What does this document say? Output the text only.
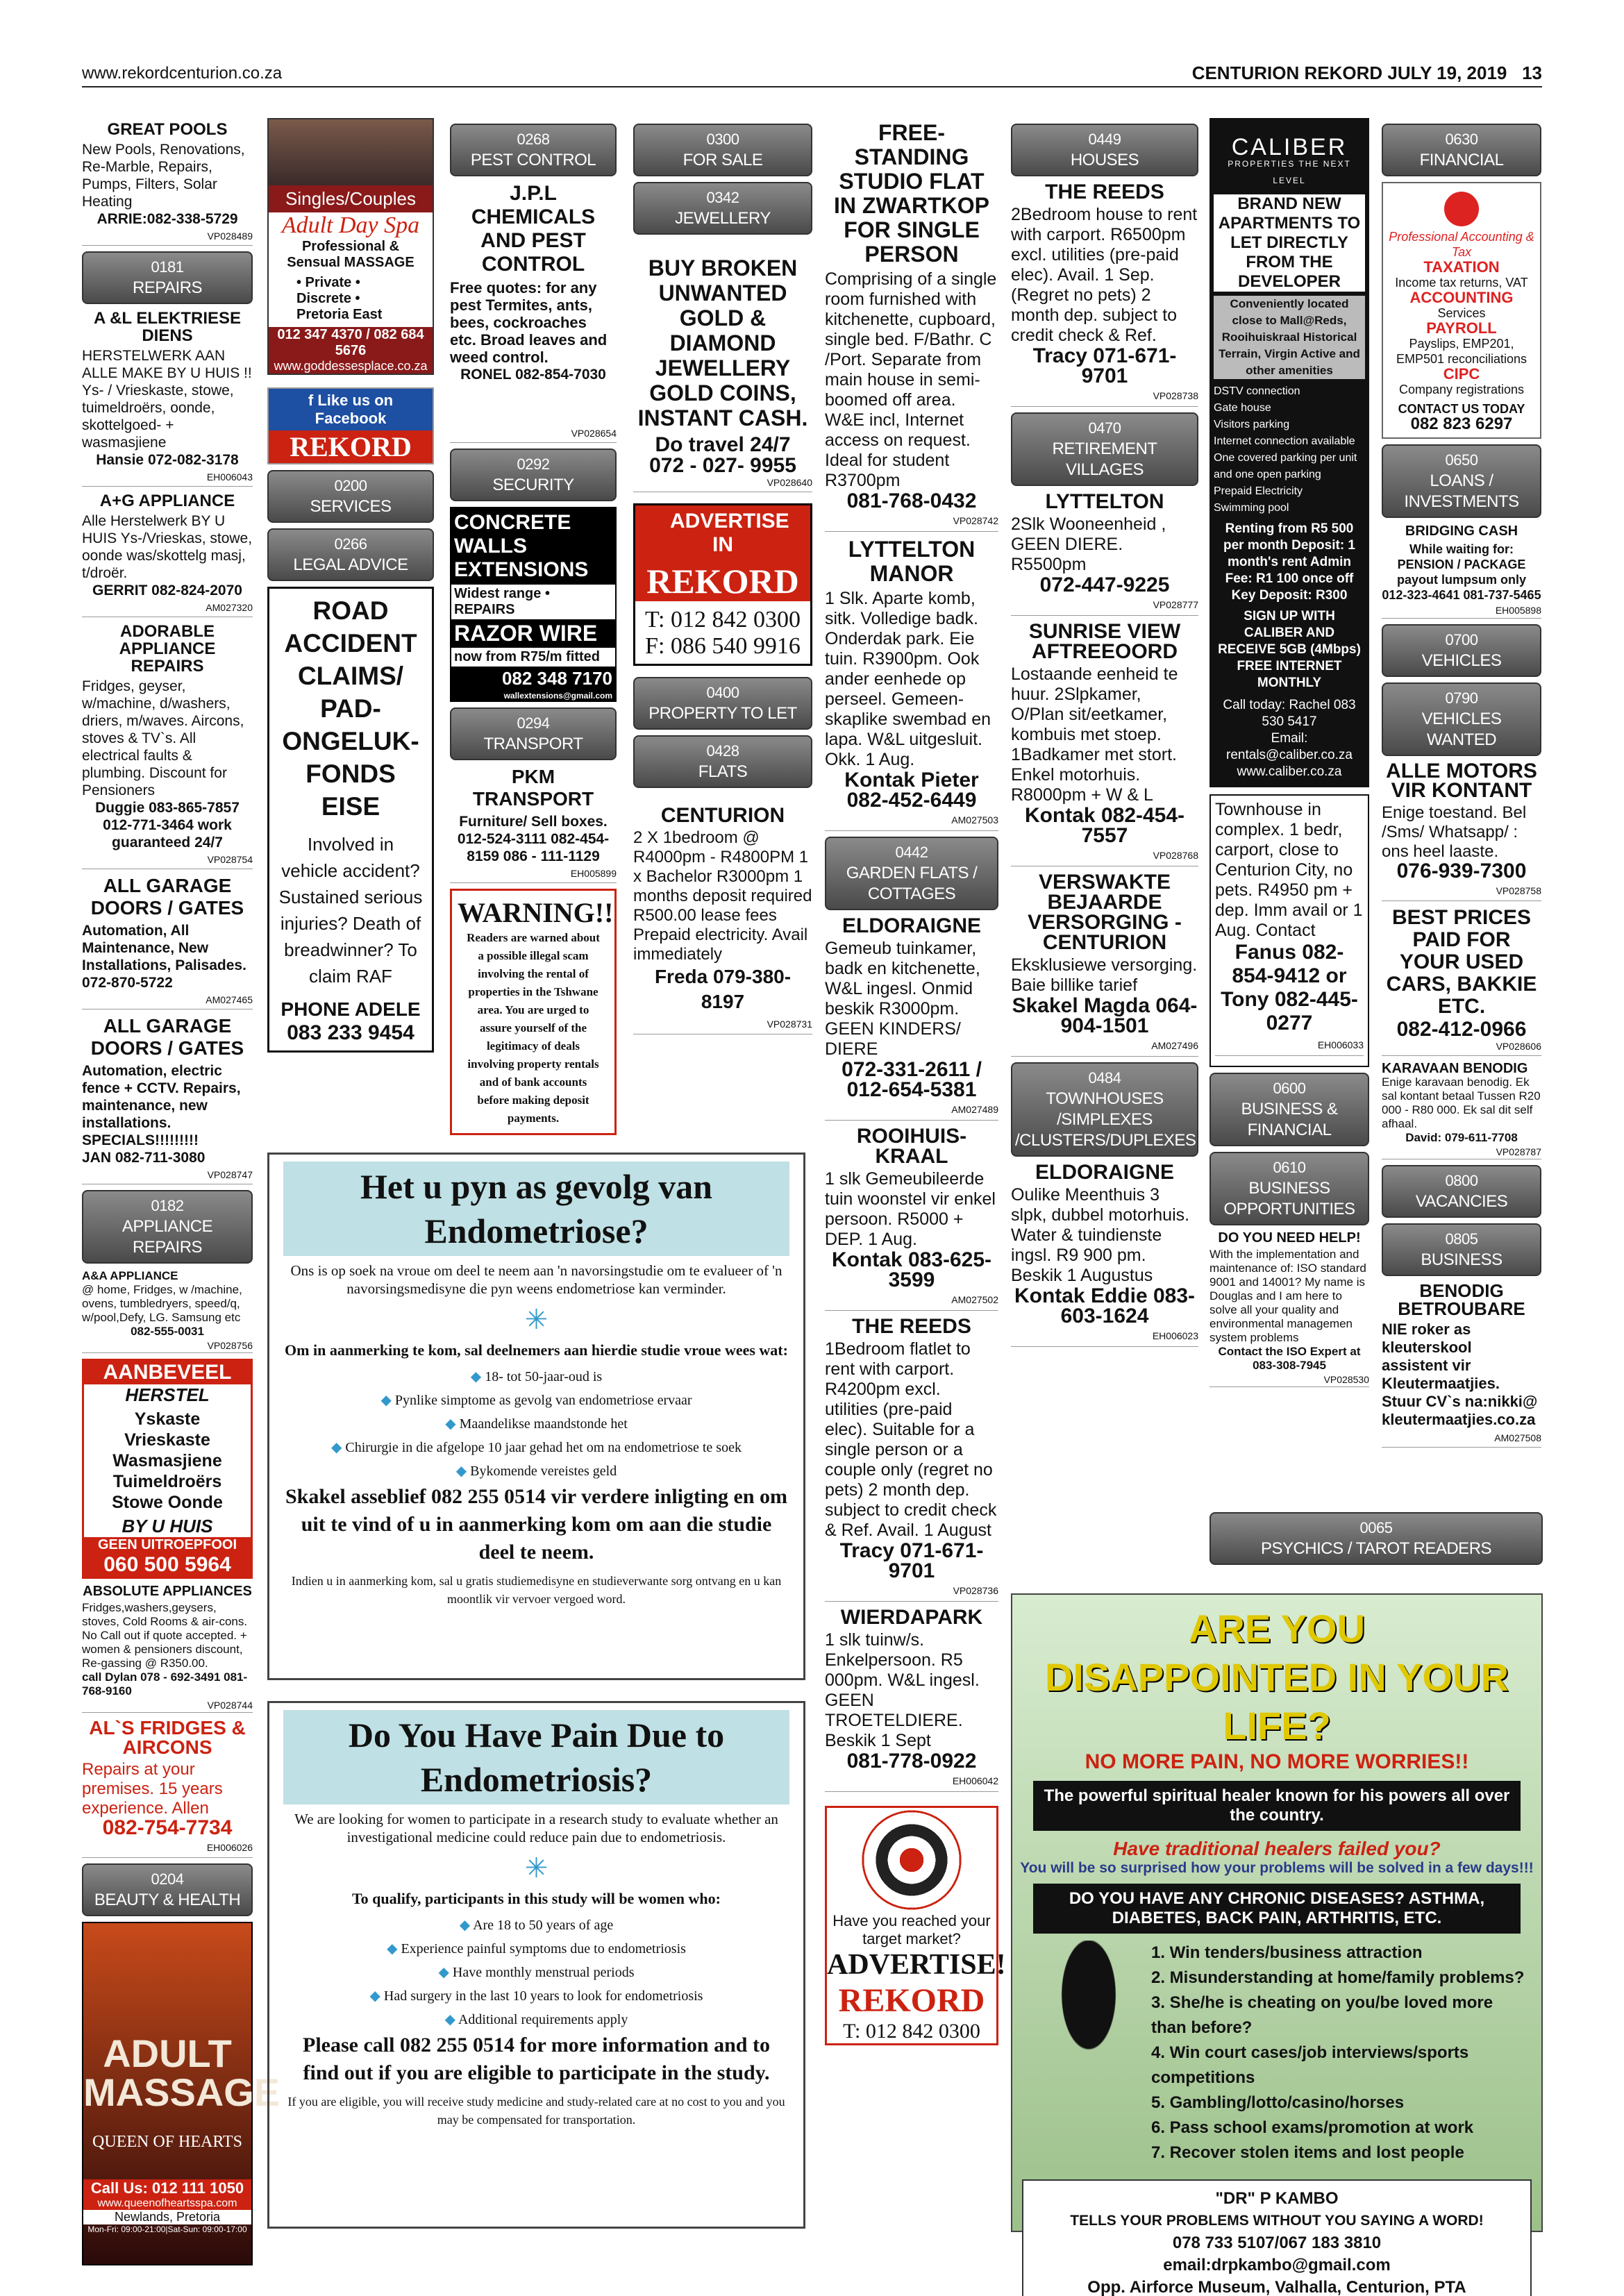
www.rekordcenturion.co.za	CENTURION REKORD JULY 19, 2019 13
GREAT POOLS
New Pools, Renovations, Re-Marble, Repairs, Pumps, Filters, Solar Heating
ARRIE:082-338-5729
VP028489
0181
REPAIRS
A &L ELEKTRIESE DIENS
HERSTELWERK AAN ALLE MAKE BY U HUIS !! Ys- / Vrieskaste, stowe, tuimeldroërs, oonde, skottelgoed- + wasmasjiene
Hansie 072-082-3178
EH006043
A+G APPLIANCE
Alle Herstelwerk BY U HUIS Ys-/Vrieskas, stowe, oonde was/skottelg masj, t/droër.
GERRIT 082-824-2070
AM027320
ADORABLE APPLIANCE REPAIRS
Fridges, geyser, w/machine, d/washers, driers, m/waves. Aircons, stoves & TV`s. All electrical faults & plumbing. Discount for Pensioners
Duggie 083-865-7857 012-771-3464 work guaranteed 24/7
VP028754
ALL GARAGE DOORS / GATES
Automation, All Maintenance, New Installations, Palisades.
072-870-5722
AM027465
ALL GARAGE DOORS / GATES
Automation, electric fence + CCTV. Repairs, maintenance, new installations. SPECIALS!!!!!!!!!
JAN 082-711-3080
VP028747
0182
APPLIANCE REPAIRS
A&A APPLIANCE
@ home, Fridges, w /machine, ovens, tumbledryers, speed/q, w/pool,Defy, LG. Samsung etc
082-555-0031
VP028756
AANBEVEEL
HERSTEL
Yskaste Vrieskaste Wasmasjiene Tuimeldroërs Stowe Oonde
BY U HUIS
GEEN UITROEPFOOI
060 500 5964
ABSOLUTE APPLIANCES
Fridges,washers,geysers, stoves, Cold Rooms & air-cons. No Call out if quote accepted. + women & pensioners discount, Re-gassing @ R350.00.
call Dylan 078 - 692-3491 081-768-9160
VP028744
AL`S FRIDGES & AIRCONS
Repairs at your premises. 15 years experience. Allen
082-754-7734
EH006026
0204
BEAUTY & HEALTH
ADULT MASSAGE
QUEEN OF HEARTS
Call Us: 012 111 1050
www.queenofheartsspa.com
Newlands, Pretoria
Mon-Fri: 09:00-21:00|Sat-Sun: 09:00-17:00
Singles/Couples
Adult Day Spa
Professional & Sensual MASSAGE
• Private • Discrete • Pretoria East
012 347 4370 / 082 684 5676
www.goddessesplace.co.za
f Like us on Facebook
REKORD
0200
SERVICES
0266
LEGAL ADVICE
ROAD ACCIDENT CLAIMS/ PAD-ONGELUK-FONDS EISE
Involved in vehicle accident? Sustained serious injuries? Death of breadwinner? To claim RAF
PHONE ADELE
083 233 9454
0268
PEST CONTROL
J.P.L CHEMICALS AND PEST CONTROL
Free quotes: for any pest Termites, ants, bees, cockroaches etc. Broad leaves and weed control.
RONEL 082-854-7030
VP028654
0292
SECURITY
CONCRETE WALLS EXTENSIONS
Widest range • REPAIRS
RAZOR WIRE
now from R75/m fitted
082 348 7170
wallextensions@gmail.com
0294
TRANSPORT
PKM TRANSPORT
Furniture/ Sell boxes.
012-524-3111 082-454- 8159 086 - 111-1129
EH005899
WARNING!!
Readers are warned about a possible illegal scam involving the rental of properties in the Tshwane area. You are urged to assure yourself of the legitimacy of deals involving property rentals and of bank accounts before making deposit payments.
0300
FOR SALE
0342
JEWELLERY
BUY BROKEN UNWANTED GOLD & DIAMOND JEWELLERY GOLD COINS, INSTANT CASH.
Do travel 24/7
072 - 027- 9955
VP028640
ADVERTISE IN
REKORD
T: 012 842 0300
F: 086 540 9916
0400
PROPERTY TO LET
0428
FLATS
CENTURION
2 X 1bedroom @ R4000pm - R4800PM 1 x Bachelor R3000pm 1 months deposit required R500.00 lease fees Prepaid electricity. Avail immediately
Freda 079-380-8197
VP028731
FREE-STANDING STUDIO FLAT IN ZWARTKOP FOR SINGLE PERSON
Comprising of a single room furnished with kitchenette, cupboard, single bed. F/Bathr. C /Port. Separate from main house in semi-boomed off area. W&E incl, Internet access on request. Ideal for student R3700pm
081-768-0432
VP028742
LYTTELTON MANOR
1 Slk. Aparte komb, sitk. Volledige badk. Onderdak park. Eie tuin. R3900pm. Ook ander eenhede op perseel. Gemeen-skaplike swembad en lapa. W&L uitgesluit. Okk. 1 Aug.
Kontak Pieter 082-452-6449
AM027503
0442
GARDEN FLATS / COTTAGES
ELDORAIGNE
Gemeub tuinkamer, badk en kitchenette, W&L ingesl. Onmid beskik R3000pm. GEEN KINDERS/ DIERE
072-331-2611 / 012-654-5381
AM027489
ROOIHUIS-KRAAL
1 slk Gemeubileerde tuin woonstel vir enkel persoon. R5000 + DEP. 1 Aug.
Kontak 083-625-3599
AM027502
THE REEDS
1Bedroom flatlet to rent with carport. R4200pm excl. utilities (pre-paid elec). Suitable for a single person or a couple only (regret no pets) 2 month dep. subject to credit check & Ref. Avail. 1 August
Tracy 071-671-9701
VP028736
WIERDAPARK
1 slk tuinw/s. Enkelpersoon. R5 000pm. W&L ingesl. GEEN TROETELDIERE. Beskik 1 Sept
081-778-0922
EH006042
Have you reached your target market?
ADVERTISE!
REKORD
T: 012 842 0300
0449
HOUSES
THE REEDS
2Bedroom house to rent with carport. R6500pm excl. utilities (pre-paid elec). Avail. 1 Sep. (Regret no pets) 2 month dep. subject to credit check & Ref.
Tracy 071-671-9701
VP028738
0470
RETIREMENT VILLAGES
LYTTELTON
2Slk Wooneenheid , GEEN DIERE. R5500pm
072-447-9225
VP028777
SUNRISE VIEW AFTREEOORD
Lostaande eenheid te huur. 2Slpkamer, O/Plan sit/eetkamer, kombuis met stoep. 1Badkamer met stort. Enkel motorhuis. R8000pm + W & L
Kontak 082-454-7557
VP028768
VERSWAKTE BEJAARDE VERSORGING - CENTURION
Eksklusiewe versorging. Baie billike tarief
Skakel Magda 064-904-1501
AM027496
0484
TOWNHOUSES /SIMPLEXES /CLUSTERS/DUPLEXES
ELDORAIGNE
Oulike Meenthuis 3 slpk, dubbel motorhuis. Water & tuindienste ingsl. R9 900 pm. Beskik 1 Augustus
Kontak Eddie 083-603-1624
EH006023
CALIBER
PROPERTIES THE NEXT LEVEL
BRAND NEW APARTMENTS TO LET DIRECTLY FROM THE DEVELOPER
Conveniently located close to Mall@Reds, Rooihuiskraal Historical Terrain, Virgin Active and other amenities
DSTV connection
Gate house
Visitors parking
Internet connection available
One covered parking per unit and one open parking
Prepaid Electricity
Swimming pool
Renting from R5 500 per month Deposit: 1 month's rent Admin Fee: R1 100 once off Key Deposit: R300
SIGN UP WITH CALIBER AND RECEIVE 5GB (4Mbps) FREE INTERNET MONTHLY
Call today: Rachel 083 530 5417
Email: rentals@caliber.co.za www.caliber.co.za
Townhouse in complex. 1 bedr, carport, close to Centurion City, no pets. R4950 pm + dep. Imm avail or 1 Aug. Contact
Fanus 082-854-9412 or Tony 082-445-0277
EH006033
0600
BUSINESS & FINANCIAL
0610
BUSINESS OPPORTUNITIES
DO YOU NEED HELP!
With the implementation and maintenance of: ISO standard 9001 and 14001? My name is Douglas and I am here to solve all your quality and environmental managemen system problems
Contact the ISO Expert at 083-308-7945
VP028530
0630
FINANCIAL
Professional Accounting & Tax
TAXATION
Income tax returns, VAT
ACCOUNTING
Services
PAYROLL
Payslips, EMP201, EMP501 reconciliations
CIPC
Company registrations
CONTACT US TODAY
082 823 6297
0650
LOANS / INVESTMENTS
BRIDGING CASH
While waiting for: PENSION / PACKAGE payout lumpsum only
012-323-4641 081-737-5465
EH005898
0700
VEHICLES
0790
VEHICLES WANTED
ALLE MOTORS VIR KONTANT
Enige toestand. Bel /Sms/ Whatsapp/ : ons heel laaste.
076-939-7300
VP028758
BEST PRICES PAID FOR YOUR USED CARS, BAKKIE ETC.
082-412-0966
VP028606
KARAVAAN BENODIG
Enige karavaan benodig. Ek sal kontant betaal Tussen R20 000 - R80 000. Ek sal dit self afhaal.
David: 079-611-7708
VP028787
0800
VACANCIES
0805
BUSINESS
BENODIG BETROUBARE
NIE roker as kleuterskool assistent vir Kleutermaatjies. Stuur CV`s na:nikki@ kleutermaatjies.co.za
AM027508
0065
PSYCHICS / TAROT READERS
Het u pyn as gevolg van Endometriose?

Ons is op soek na vroue om deel te neem aan 'n navorsingstudie om te evalueer of 'n navorsingsmedisyne die pyn weens endometriose kan verminder.

✳

Om in aanmerking te kom, sal deelnemers aan hierdie studie vroue wees wat:

◆ 18- tot 50-jaar-oud is
◆ Pynlike simptome as gevolg van endometriose ervaar
◆ Maandelikse maandstonde het
◆ Chirurgie in die afgelope 10 jaar gehad het om na endometriose te soek
◆ Bykomende vereistes geld
Skakel asseblief 082 255 0514 vir verdere inligting en om uit te vind of u in aanmerking kom om aan die studie deel te neem.

Indien u in aanmerking kom, sal u gratis studiemedisyne en studieverwante sorg ontvang en u kan moontlik vir vervoer vergoed word.

Do You Have Pain Due to Endometriosis?

We are looking for women to participate in a research study to evaluate whether an investigational medicine could reduce pain due to endometriosis.

✳

To qualify, participants in this study will be women who:

◆ Are 18 to 50 years of age
◆ Experience painful symptoms due to endometriosis
◆ Have monthly menstrual periods
◆ Had surgery in the last 10 years to look for endometriosis
◆ Additional requirements apply
Please call 082 255 0514 for more information and to find out if you are eligible to participate in the study.

If you are eligible, you will receive study medicine and study-related care at no cost to you and you may be compensated for transportation.

ARE YOU DISAPPOINTED IN YOUR LIFE?
NO MORE PAIN, NO MORE WORRIES!!
The powerful spiritual healer known for his powers all over the country.
Have traditional healers failed you?
You will be so surprised how your problems will be solved in a few days!!!
DO YOU HAVE ANY CHRONIC DISEASES? ASTHMA, DIABETES, BACK PAIN, ARTHRITIS, ETC.
1. Win tenders/business attraction
2. Misunderstanding at home/family problems?
3. She/he is cheating on you/be loved more than before?
4. Win court cases/job interviews/sports competitions
5. Gambling/lotto/casino/horses
6. Pass school exams/promotion at work
7. Recover stolen items and lost people
"DR" P KAMBO
TELLS YOUR PROBLEMS WITHOUT YOU SAYING A WORD!
078 733 5107/067 183 3810
email:drpkambo@gmail.com
Opp. Airforce Museum, Valhalla, Centurion, PTA
